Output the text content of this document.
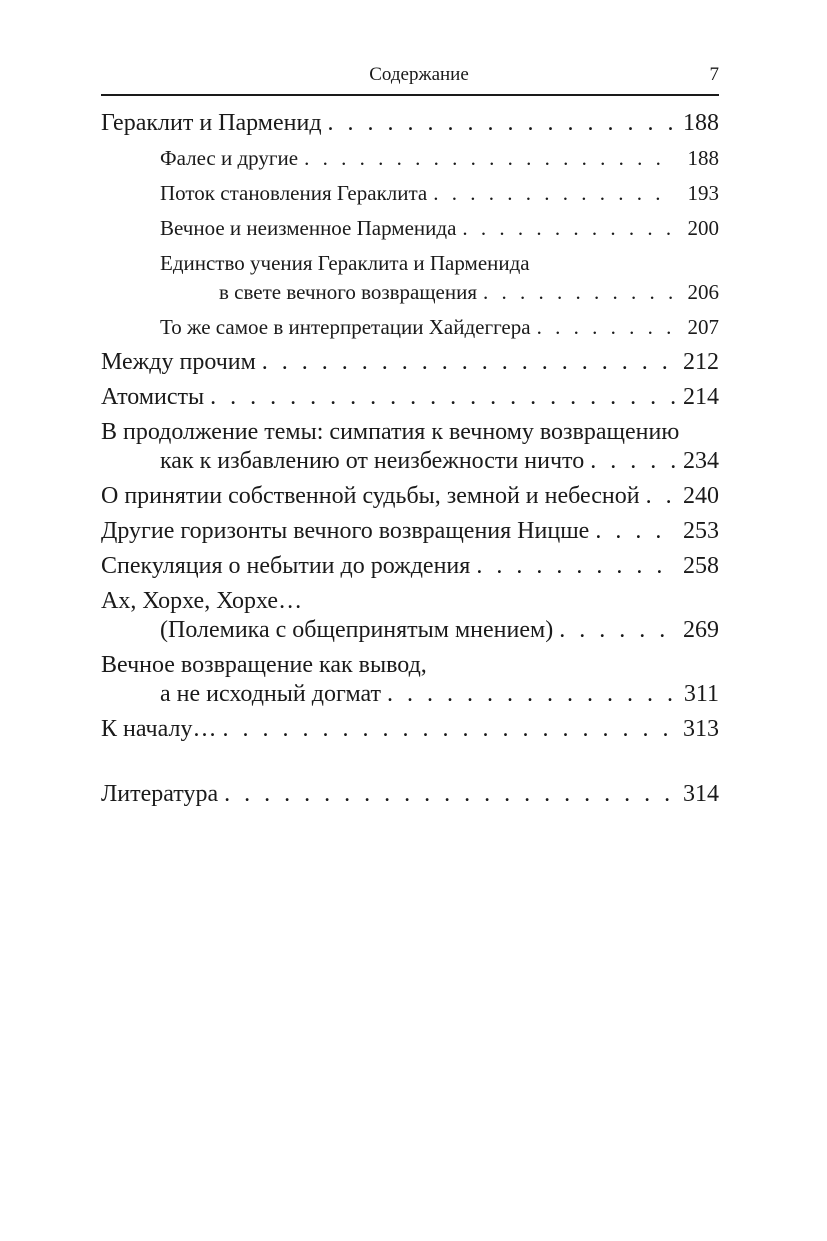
Содержание	7
Гераклит и Парменид . . .	188
Фалес и другие . . .	188
Поток становления Гераклита . . .	193
Вечное и неизменное Парменида . . .	200
Единство учения Гераклита и Парменида
в свете вечного возвращения . . .	206
То же самое в интерпретации Хайдеггера . . .	207
Между прочим . . .	212
Атомисты . . .	214
В продолжение темы: симпатия к вечному возвращению
как к избавлению от неизбежности ничто . . .	234
О принятии собственной судьбы, земной и небесной . . . 240
Другие горизонты вечного возвращения Ницше . . .	253
Спекуляция о небытии до рождения . . .	258
Ах, Хорхе, Хорхе…
(Полемика с общепринятым мнением) . . .	269
Вечное возвращение как вывод,
а не исходный догмат . . .	311
К началу… . . .	313
Литература . . .	314
